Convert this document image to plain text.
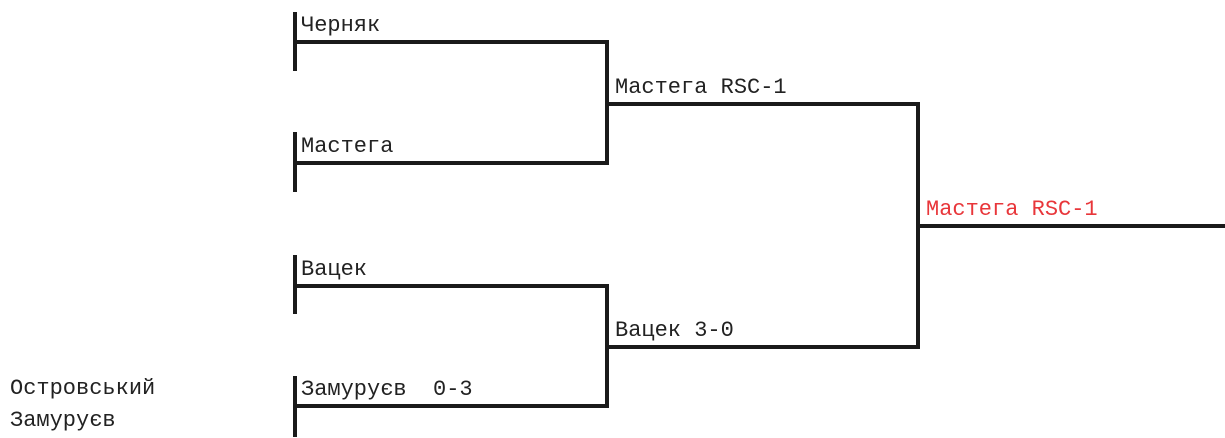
Черняк
Мастега
Вацек
Замуруєв  0-3
Мастега RSC-1
Вацек 3-0
Мастега RSC-1
Островський
Замуруєв
